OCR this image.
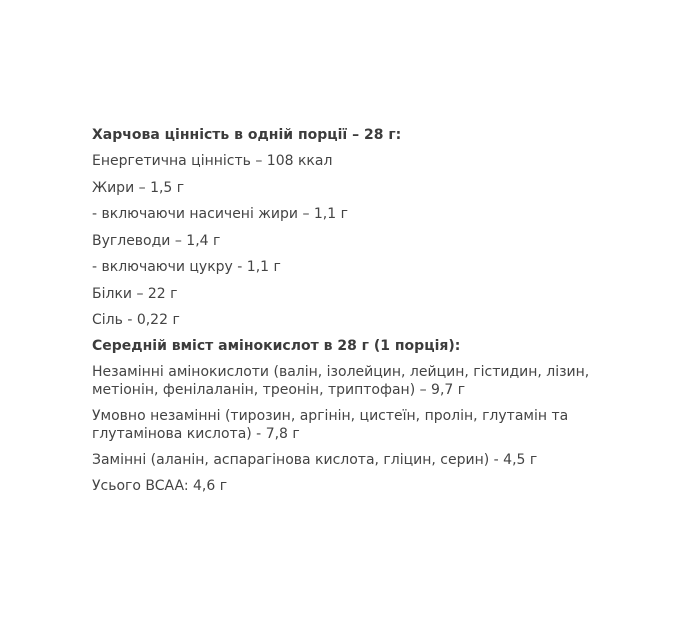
Харчова цінність в одній порції – 28 г:
Енергетична цінність – 108 ккал
Жири – 1,5 г
- включаючи насичені жири – 1,1 г
Вуглеводи – 1,4 г
- включаючи цукру - 1,1 г
Білки – 22 г
Сіль - 0,22 г
Середній вміст амінокислот в 28 г (1 порція):
Незамінні амінокислоти (валін, ізолейцин, лейцин, гістидин, лізин, метіонін, фенілаланін, треонін, триптофан) – 9,7 г
Умовно незамінні (тирозин, аргінін, цистеїн, пролін, глутамін та глутамінова кислота) - 7,8 г
Замінні (аланін, аспарагінова кислота, гліцин, серин) - 4,5 г
Усього BCAA: 4,6 г
